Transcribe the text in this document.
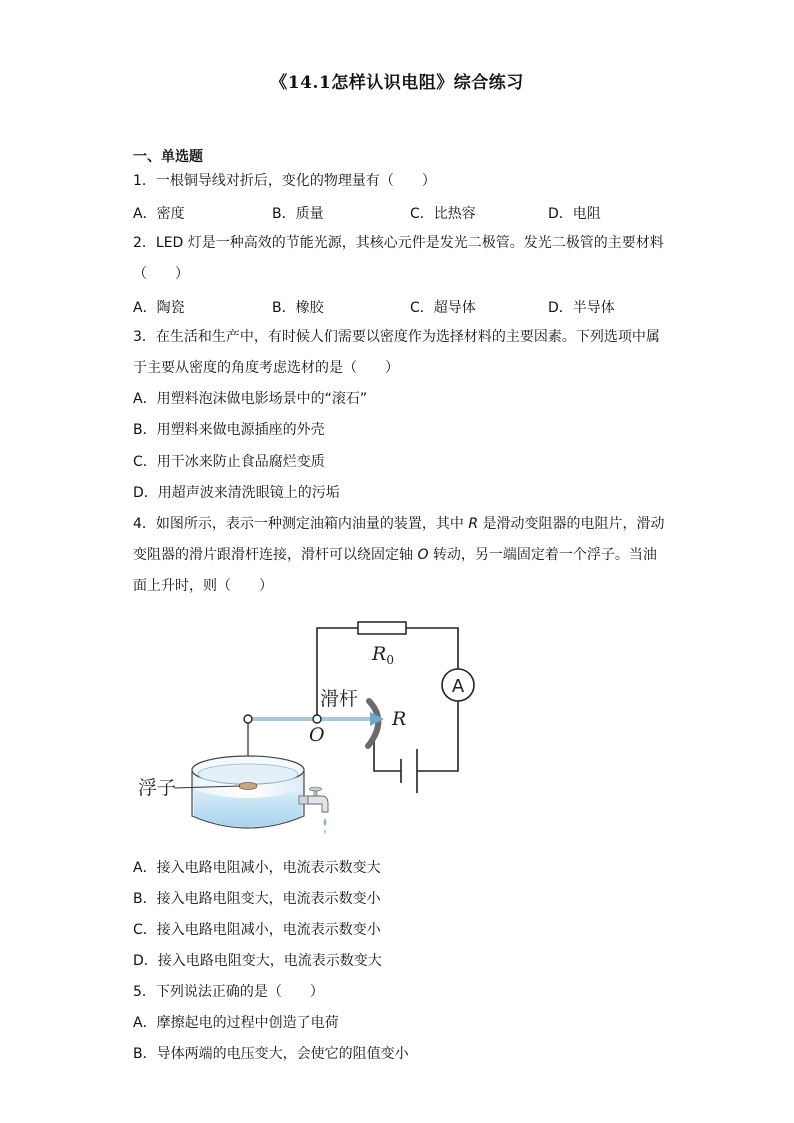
《14.1怎样认识电阻》综合练习
一、单选题
1．一根铜导线对折后，变化的物理量有（　　）
A．密度	B．质量	C．比热容	D．电阻
2．LED 灯是一种高效的节能光源，其核心元件是发光二极管。发光二极管的主要材料
（　　）
A．陶瓷	B．橡胶	C．超导体	D．半导体
3．在生活和生产中，有时候人们需要以密度作为选择材料的主要因素。下列选项中属
于主要从密度的角度考虑选材的是（　　）
A．用塑料泡沫做电影场景中的“滚石”
B．用塑料来做电源插座的外壳
C．用干冰来防止食品腐烂变质
D．用超声波来清洗眼镜上的污垢
4．如图所示，表示一种测定油箱内油量的装置，其中 R 是滑动变阻器的电阻片，滑动
变阻器的滑片跟滑杆连接，滑杆可以绕固定轴 O 转动，另一端固定着一个浮子。当油
面上升时，则（　　）
$R_0$
A
R
滑杆
O
浮子
A．接入电路电阻减小，电流表示数变大
B．接入电路电阻变大，电流表示数变小
C．接入电路电阻减小，电流表示数变小
D．接入电路电阻变大，电流表示数变大
5．下列说法正确的是（　　）
A．摩擦起电的过程中创造了电荷
B．导体两端的电压变大，会使它的阻值变小
